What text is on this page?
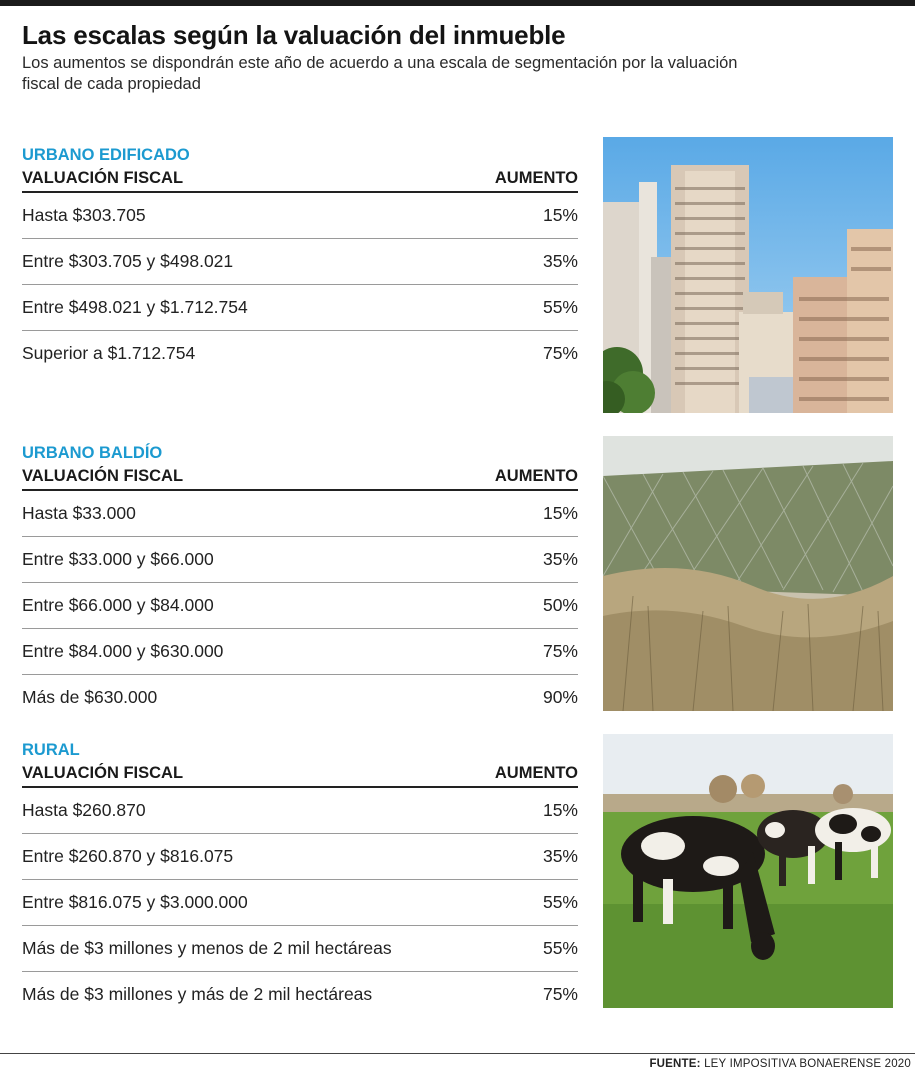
Las escalas según la valuación del inmueble

Los aumentos se dispondrán este año de acuerdo a una escala de segmentación por la valuación fiscal de cada propiedad

URBANO EDIFICADO
VALUACIÓN FISCAL	AUMENTO
Hasta $303.705	15%
Entre $303.705 y $498.021	35%
Entre $498.021 y $1.712.754	55%
Superior a $1.712.754	75%
URBANO BALDÍO
VALUACIÓN FISCAL	AUMENTO
Hasta $33.000	15%
Entre $33.000 y $66.000	35%
Entre $66.000 y $84.000	50%
Entre $84.000 y $630.000	75%
Más de $630.000	90%
RURAL
VALUACIÓN FISCAL	AUMENTO
Hasta $260.870	15%
Entre $260.870 y $816.075	35%
Entre $816.075 y $3.000.000	55%
Más de $3 millones y menos de 2 mil hectáreas	55%
Más de $3 millones y más de 2 mil hectáreas	75%
FUENTE: LEY IMPOSITIVA BONAERENSE 2020
